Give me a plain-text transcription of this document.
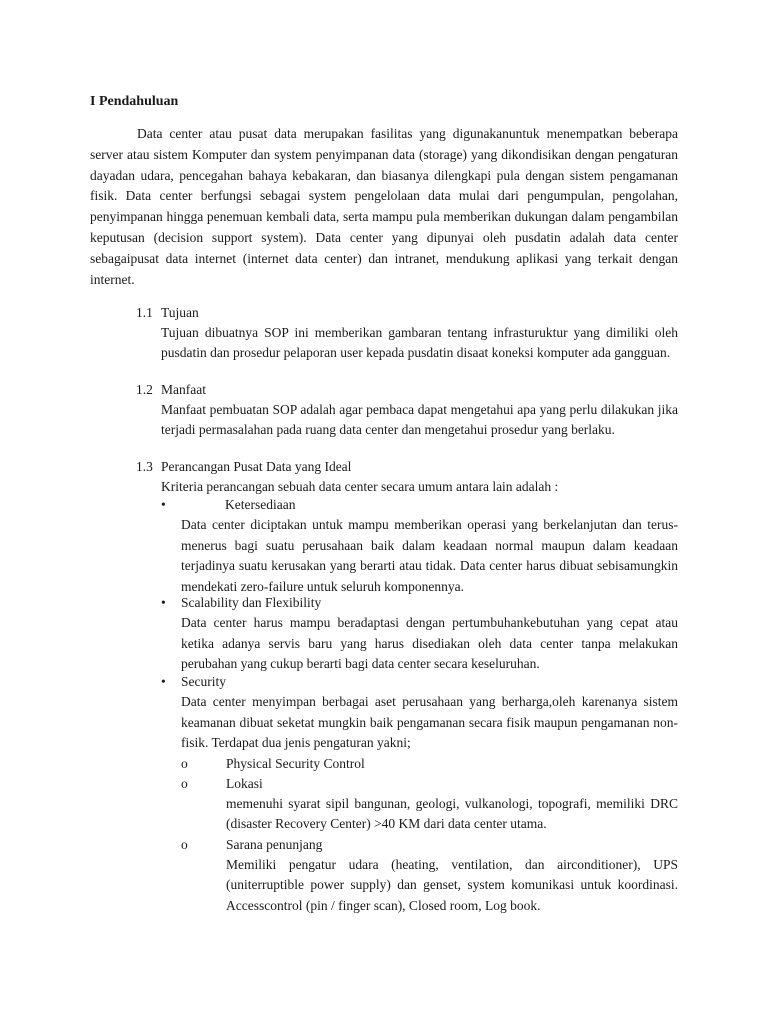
I Pendahuluan

Data center atau pusat data merupakan fasilitas yang digunakanuntuk menempatkan beberapa server atau sistem Komputer dan system penyimpanan data (storage) yang dikondisikan dengan pengaturan dayadan udara, pencegahan bahaya kebakaran, dan biasanya dilengkapi pula dengan sistem pengamanan fisik. Data center berfungsi sebagai system pengelolaan data mulai dari pengumpulan, pengolahan, penyimpanan hingga penemuan kembali data, serta mampu pula memberikan dukungan dalam pengambilan keputusan (decision support system). Data center yang dipunyai oleh pusdatin adalah data center sebagaipusat data internet (internet data center) dan intranet, mendukung aplikasi yang terkait dengan internet.

1.1 Tujuan
Tujuan dibuatnya SOP ini memberikan gambaran tentang infrasturuktur yang dimiliki oleh pusdatin dan prosedur pelaporan user kepada pusdatin disaat koneksi komputer ada gangguan.
1.2 Manfaat
Manfaat pembuatan SOP adalah agar pembaca dapat mengetahui apa yang perlu dilakukan jika terjadi permasalahan pada ruang data center dan mengetahui prosedur yang berlaku.
1.3 Perancangan Pusat Data yang Ideal
Kriteria perancangan sebuah data center secara umum antara lain adalah :
•	Ketersediaan
Data center diciptakan untuk mampu memberikan operasi yang berkelanjutan dan terus-menerus bagi suatu perusahaan baik dalam keadaan normal maupun dalam keadaan terjadinya suatu kerusakan yang berarti atau tidak. Data center harus dibuat sebisamungkin mendekati zero-failure untuk seluruh komponennya.
• Scalability dan Flexibility
Data center harus mampu beradaptasi dengan pertumbuhankebutuhan yang cepat atau ketika adanya servis baru yang harus disediakan oleh data center tanpa melakukan perubahan yang cukup berarti bagi data center secara keseluruhan.
• Security
Data center menyimpan berbagai aset perusahaan yang berharga,oleh karenanya sistem keamanan dibuat seketat mungkin baik pengamanan secara fisik maupun pengamanan non-fisik. Terdapat dua jenis pengaturan yakni;
o	Physical Security Control
o	Lokasi
memenuhi syarat sipil bangunan, geologi, vulkanologi, topografi, memiliki DRC (disaster Recovery Center) >40 KM dari data center utama.
o	Sarana penunjang
Memiliki pengatur udara (heating, ventilation, dan airconditioner), UPS (uniterruptible power supply) dan genset, system komunikasi untuk koordinasi. Accesscontrol (pin / finger scan), Closed room, Log book.
